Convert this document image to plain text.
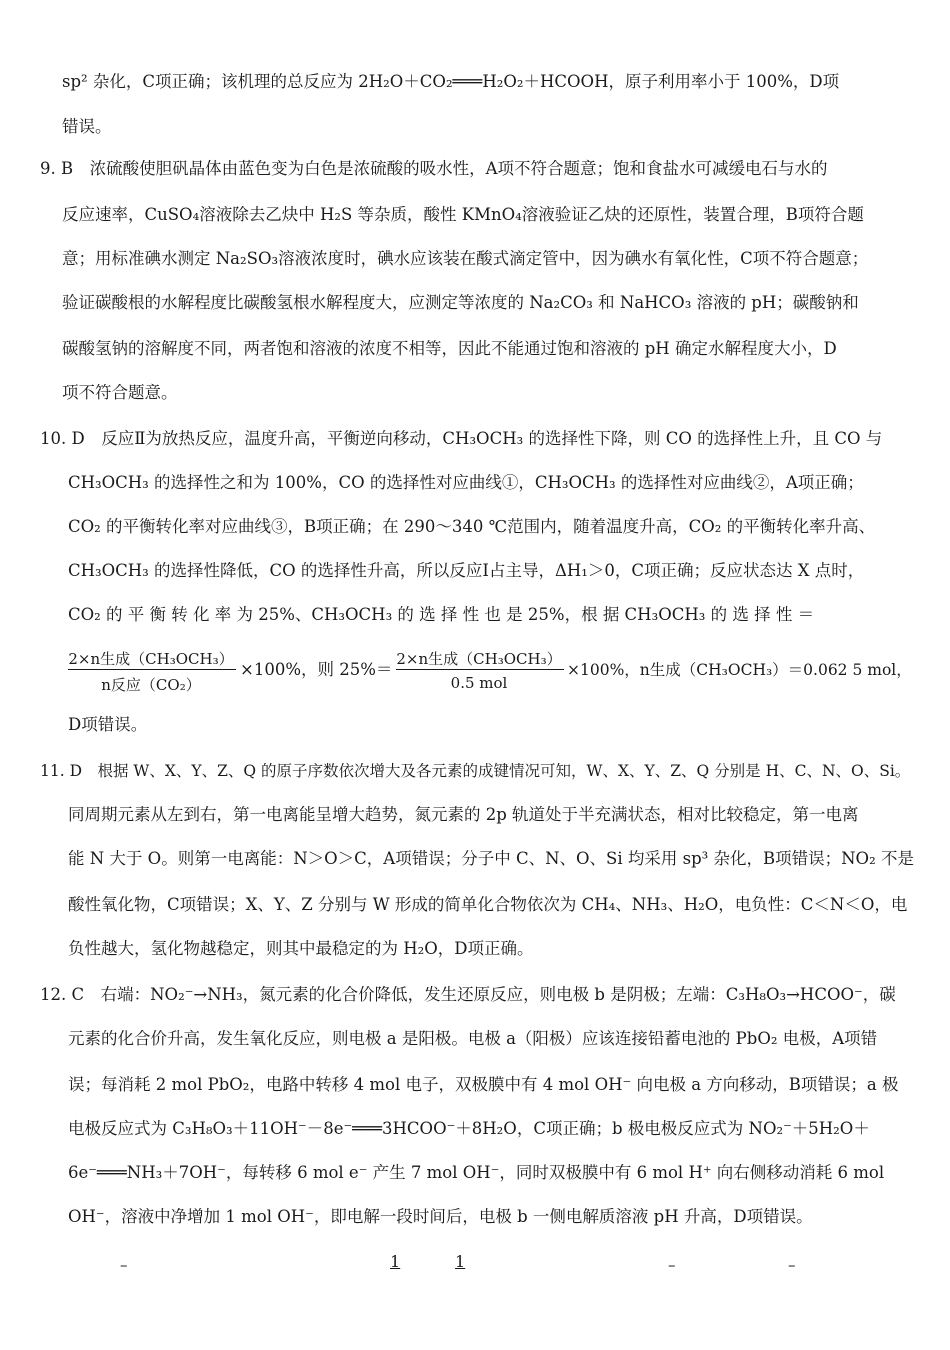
sp² 杂化，C项正确；该机理的总反应为 2H₂O＋CO₂═══H₂O₂＋HCOOH，原子利用率小于 100%，D项
错误。
9. B　浓硫酸使胆矾晶体由蓝色变为白色是浓硫酸的吸水性，A项不符合题意；饱和食盐水可减缓电石与水的
反应速率，CuSO₄溶液除去乙炔中 H₂S 等杂质，酸性 KMnO₄溶液验证乙炔的还原性，装置合理，B项符合题
意；用标准碘水测定 Na₂SO₃溶液浓度时，碘水应该装在酸式滴定管中，因为碘水有氧化性，C项不符合题意；
验证碳酸根的水解程度比碳酸氢根水解程度大，应测定等浓度的 Na₂CO₃ 和 NaHCO₃ 溶液的 pH；碳酸钠和
碳酸氢钠的溶解度不同，两者饱和溶液的浓度不相等，因此不能通过饱和溶液的 pH 确定水解程度大小，D
项不符合题意。
10. D　反应Ⅱ为放热反应，温度升高，平衡逆向移动，CH₃OCH₃ 的选择性下降，则 CO 的选择性上升，且 CO 与
CH₃OCH₃ 的选择性之和为 100%，CO 的选择性对应曲线①，CH₃OCH₃ 的选择性对应曲线②，A项正确；
CO₂ 的平衡转化率对应曲线③，B项正确；在 290～340 ℃范围内，随着温度升高，CO₂ 的平衡转化率升高、
CH₃OCH₃ 的选择性降低，CO 的选择性升高，所以反应Ⅰ占主导，ΔH₁＞0，C项正确；反应状态达 X 点时，
CO₂ 的 平 衡 转 化 率 为 25%、CH₃OCH₃ 的 选 择 性 也 是 25%，根 据 CH₃OCH₃ 的 选 择 性 ＝
2×n生成（CH₃OCH₃）
n反应（CO₂）
×100%，则 25%＝
2×n生成（CH₃OCH₃）
0.5 mol
×100%，n生成（CH₃OCH₃）＝0.062 5 mol，
D项错误。
11. D　根据 W、X、Y、Z、Q 的原子序数依次增大及各元素的成键情况可知，W、X、Y、Z、Q 分别是 H、C、N、O、Si。
同周期元素从左到右，第一电离能呈增大趋势，氮元素的 2p 轨道处于半充满状态，相对比较稳定，第一电离
能 N 大于 O。则第一电离能：N＞O＞C，A项错误；分子中 C、N、O、Si 均采用 sp³ 杂化，B项错误；NO₂ 不是
酸性氧化物，C项错误；X、Y、Z 分别与 W 形成的简单化合物依次为 CH₄、NH₃、H₂O，电负性：C＜N＜O，电
负性越大，氢化物越稳定，则其中最稳定的为 H₂O，D项正确。
12. C　右端：NO₂⁻→NH₃，氮元素的化合价降低，发生还原反应，则电极 b 是阴极；左端：C₃H₈O₃→HCOO⁻，碳
元素的化合价升高，发生氧化反应，则电极 a 是阳极。电极 a（阳极）应该连接铅蓄电池的 PbO₂ 电极，A项错
误；每消耗 2 mol PbO₂，电路中转移 4 mol 电子，双极膜中有 4 mol OH⁻ 向电极 a 方向移动，B项错误；a 极
电极反应式为 C₃H₈O₃＋11OH⁻－8e⁻═══3HCOO⁻＋8H₂O，C项正确；b 极电极反应式为 NO₂⁻＋5H₂O＋
6e⁻═══NH₃＋7OH⁻，每转移 6 mol e⁻ 产生 7 mol OH⁻，同时双极膜中有 6 mol H⁺ 向右侧移动消耗 6 mol
OH⁻，溶液中净增加 1 mol OH⁻，即电解一段时间后，电极 b 一侧电解质溶液 pH 升高，D项错误。
–	1	1	–	–
